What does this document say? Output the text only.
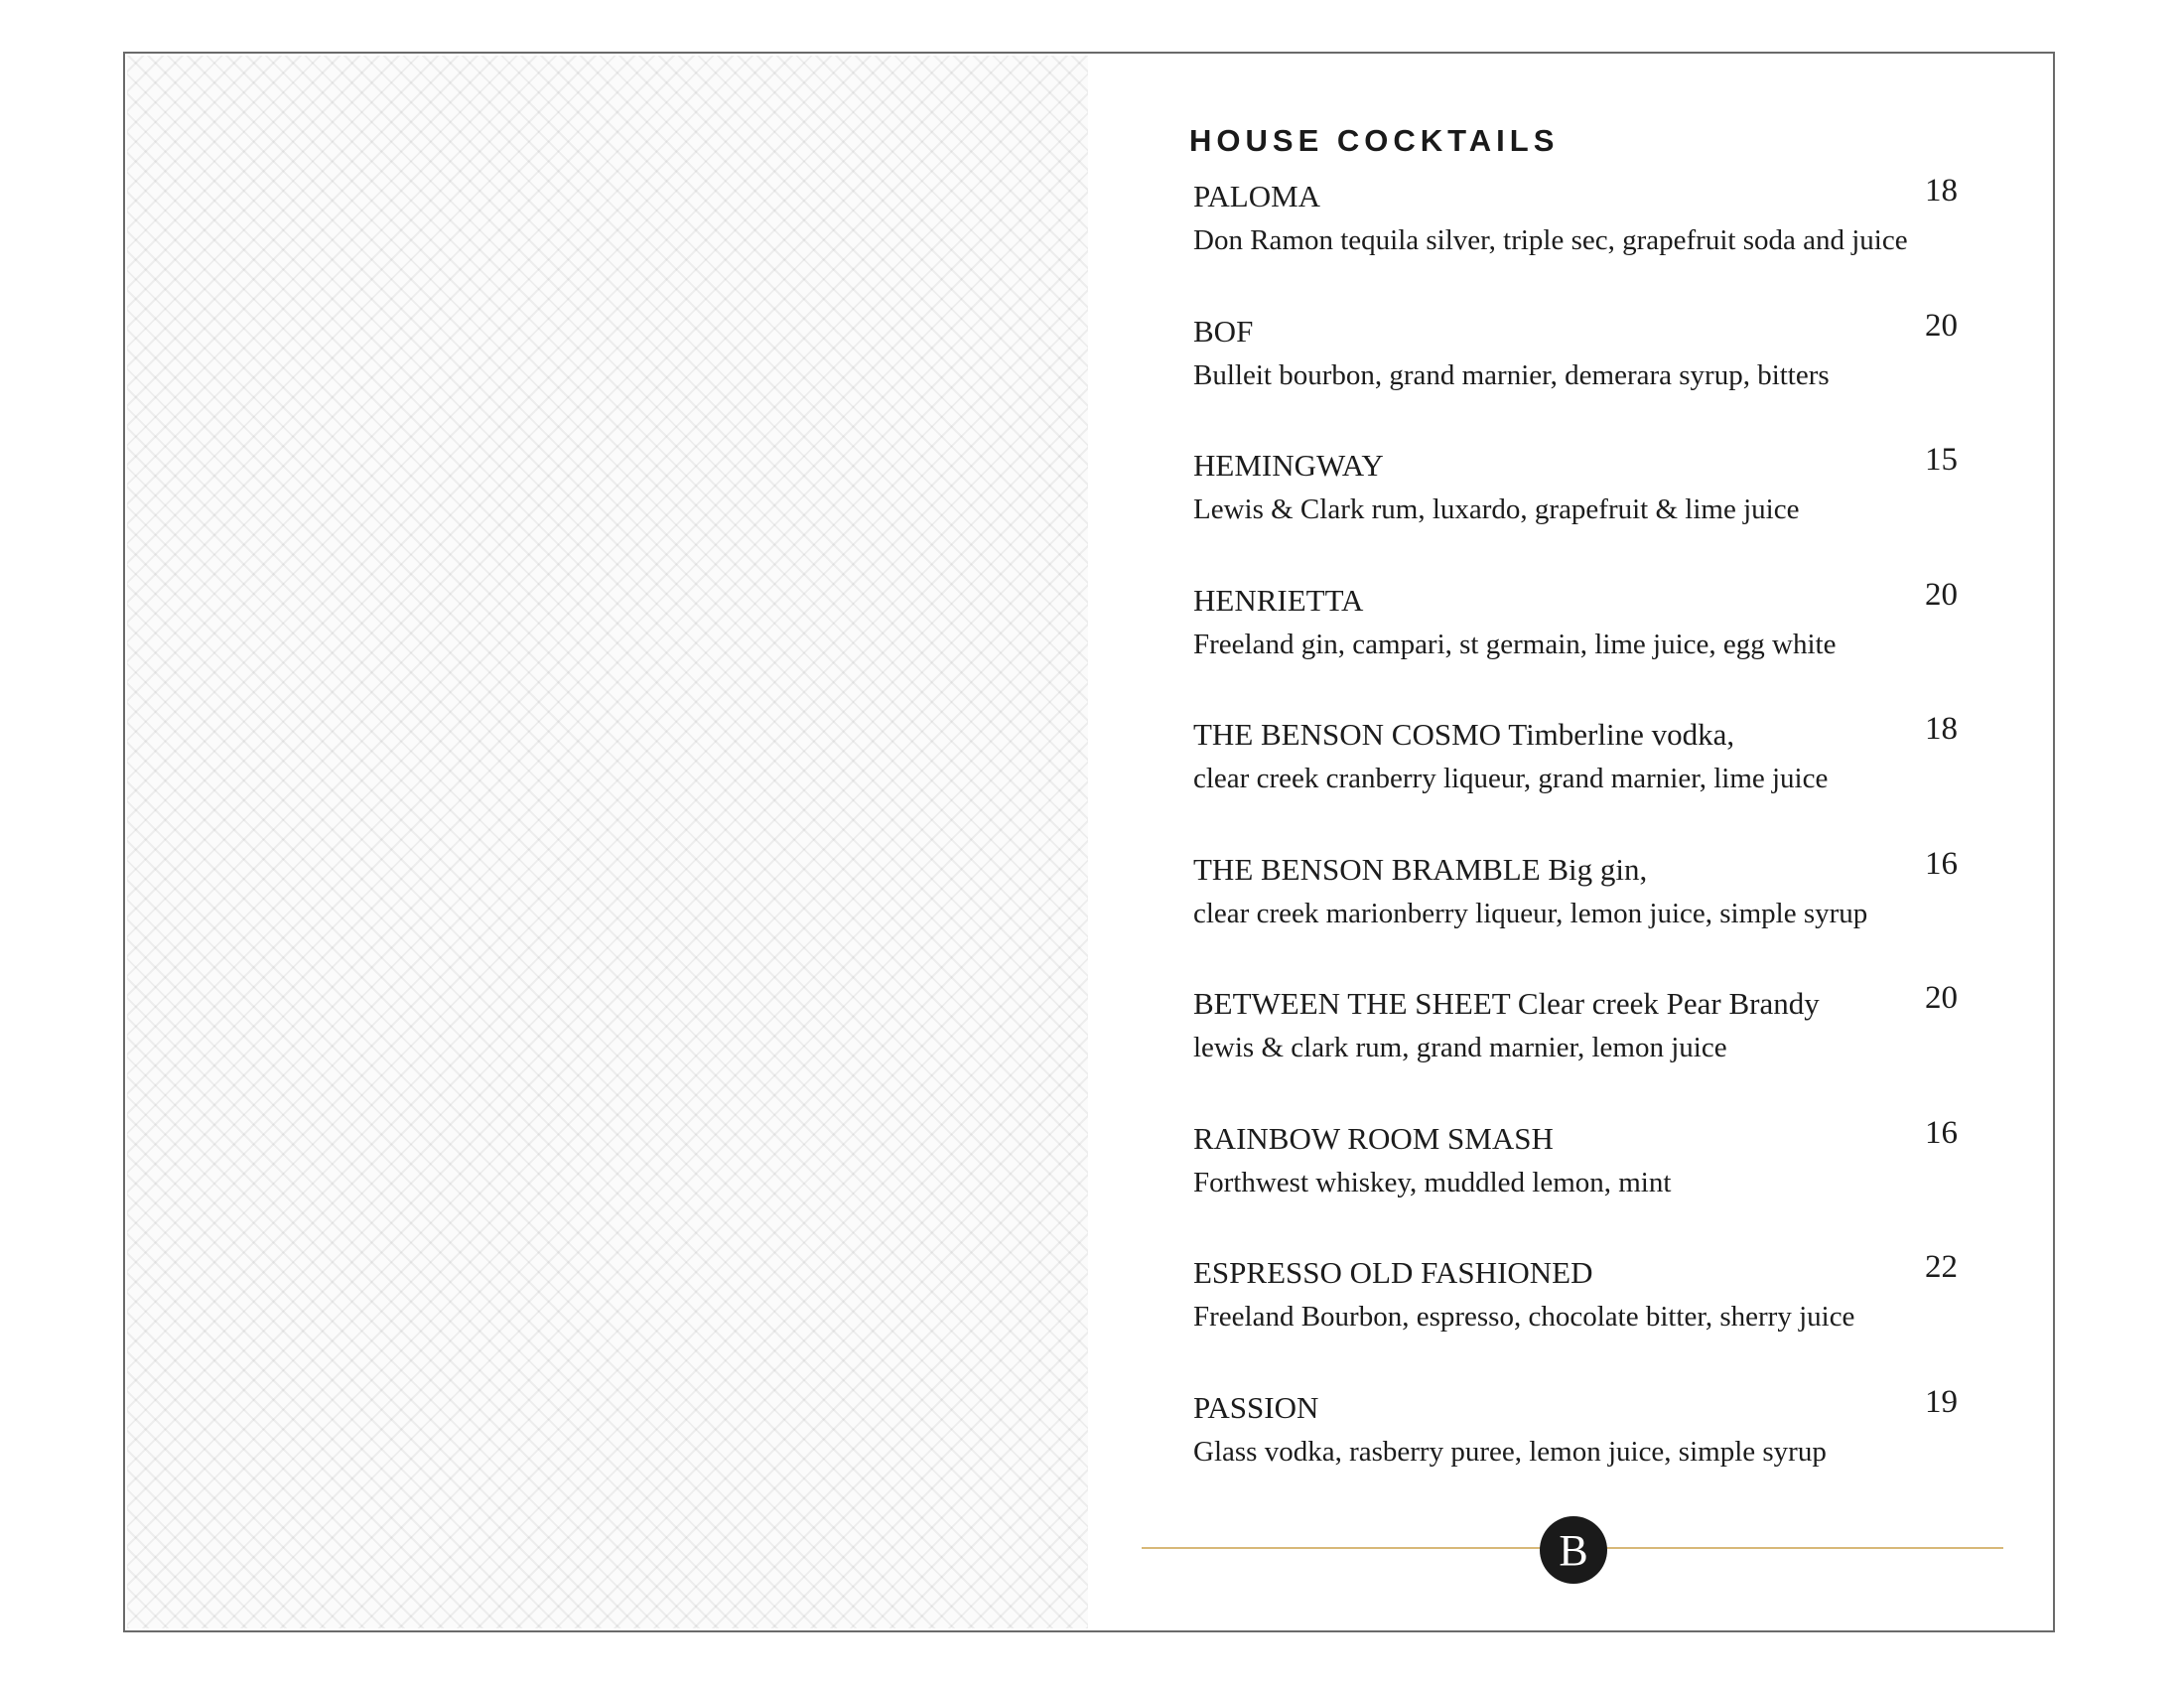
HOUSE COCKTAILS
PALOMA
Don Ramon tequila silver, triple sec, grapefruit soda and juice
18
BOF
Bulleit bourbon, grand marnier, demerara syrup, bitters
20
HEMINGWAY
Lewis & Clark rum, luxardo, grapefruit & lime juice
15
HENRIETTA
Freeland gin, campari, st germain, lime juice, egg white
20
THE BENSON COSMO Timberline vodka,
clear creek cranberry liqueur, grand marnier, lime juice
18
THE BENSON BRAMBLE Big gin,
clear creek marionberry liqueur, lemon juice, simple syrup
16
BETWEEN THE SHEET Clear creek Pear Brandy
lewis & clark rum, grand marnier, lemon juice
20
RAINBOW ROOM SMASH
Forthwest whiskey, muddled lemon, mint
16
ESPRESSO OLD FASHIONED
Freeland Bourbon, espresso, chocolate bitter, sherry juice
22
PASSION
Glass vodka, rasberry puree, lemon juice, simple syrup
19
B
